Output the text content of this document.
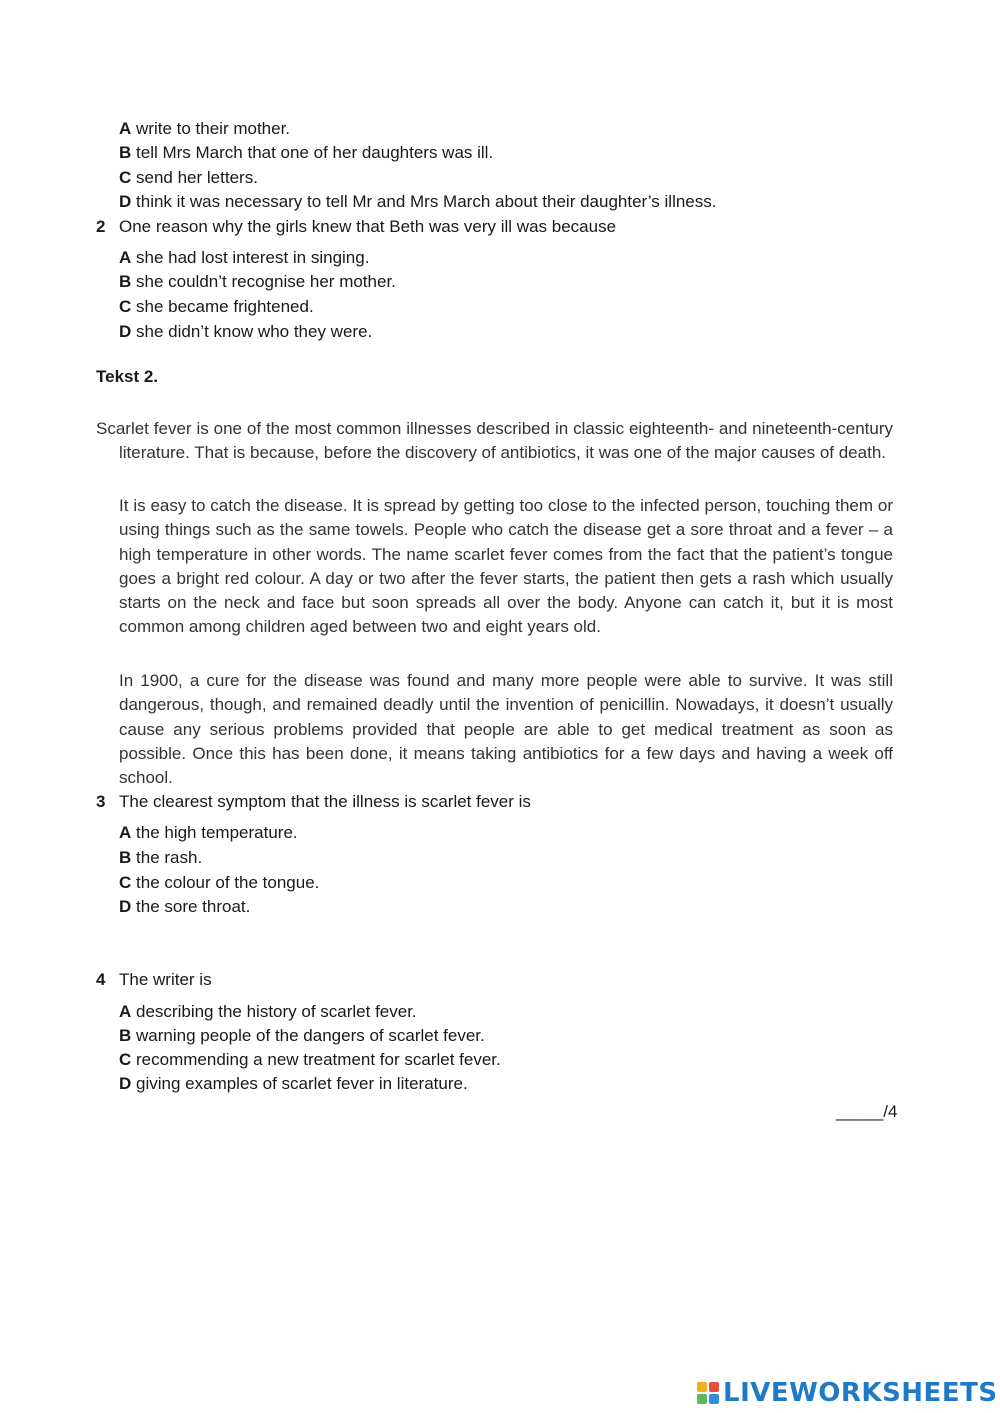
A write to their mother.
B tell Mrs March that one of her daughters was ill.
C send her letters.
D think it was necessary to tell Mr and Mrs March about their daughter’s illness.
2 One reason why the girls knew that Beth was very ill was because
A she had lost interest in singing.
B she couldn’t recognise her mother.
C she became frightened.
D she didn’t know who they were.
Tekst 2.
Scarlet fever is one of the most common illnesses described in classic eighteenth- and nineteenth-century literature. That is because, before the discovery of antibiotics, it was one of the major causes of death.
It is easy to catch the disease. It is spread by getting too close to the infected person, touching them or using things such as the same towels. People who catch the disease get a sore throat and a fever – a high temperature in other words. The name scarlet fever comes from the fact that the patient’s tongue goes a bright red colour. A day or two after the fever starts, the patient then gets a rash which usually starts on the neck and face but soon spreads all over the body. Anyone can catch it, but it is most common among children aged between two and eight years old.
In 1900, a cure for the disease was found and many more people were able to survive. It was still dangerous, though, and remained deadly until the invention of penicillin. Nowadays, it doesn’t usually cause any serious problems provided that people are able to get medical treatment as soon as possible. Once this has been done, it means taking antibiotics for a few days and having a week off school.
3 The clearest symptom that the illness is scarlet fever is
A the high temperature.
B the rash.
C the colour of the tongue.
D the sore throat.
4 The writer is
A describing the history of scarlet fever.
B warning people of the dangers of scarlet fever.
C recommending a new treatment for scarlet fever.
D giving examples of scarlet fever in literature.
_____/4
LIVEWORKSHEETS
